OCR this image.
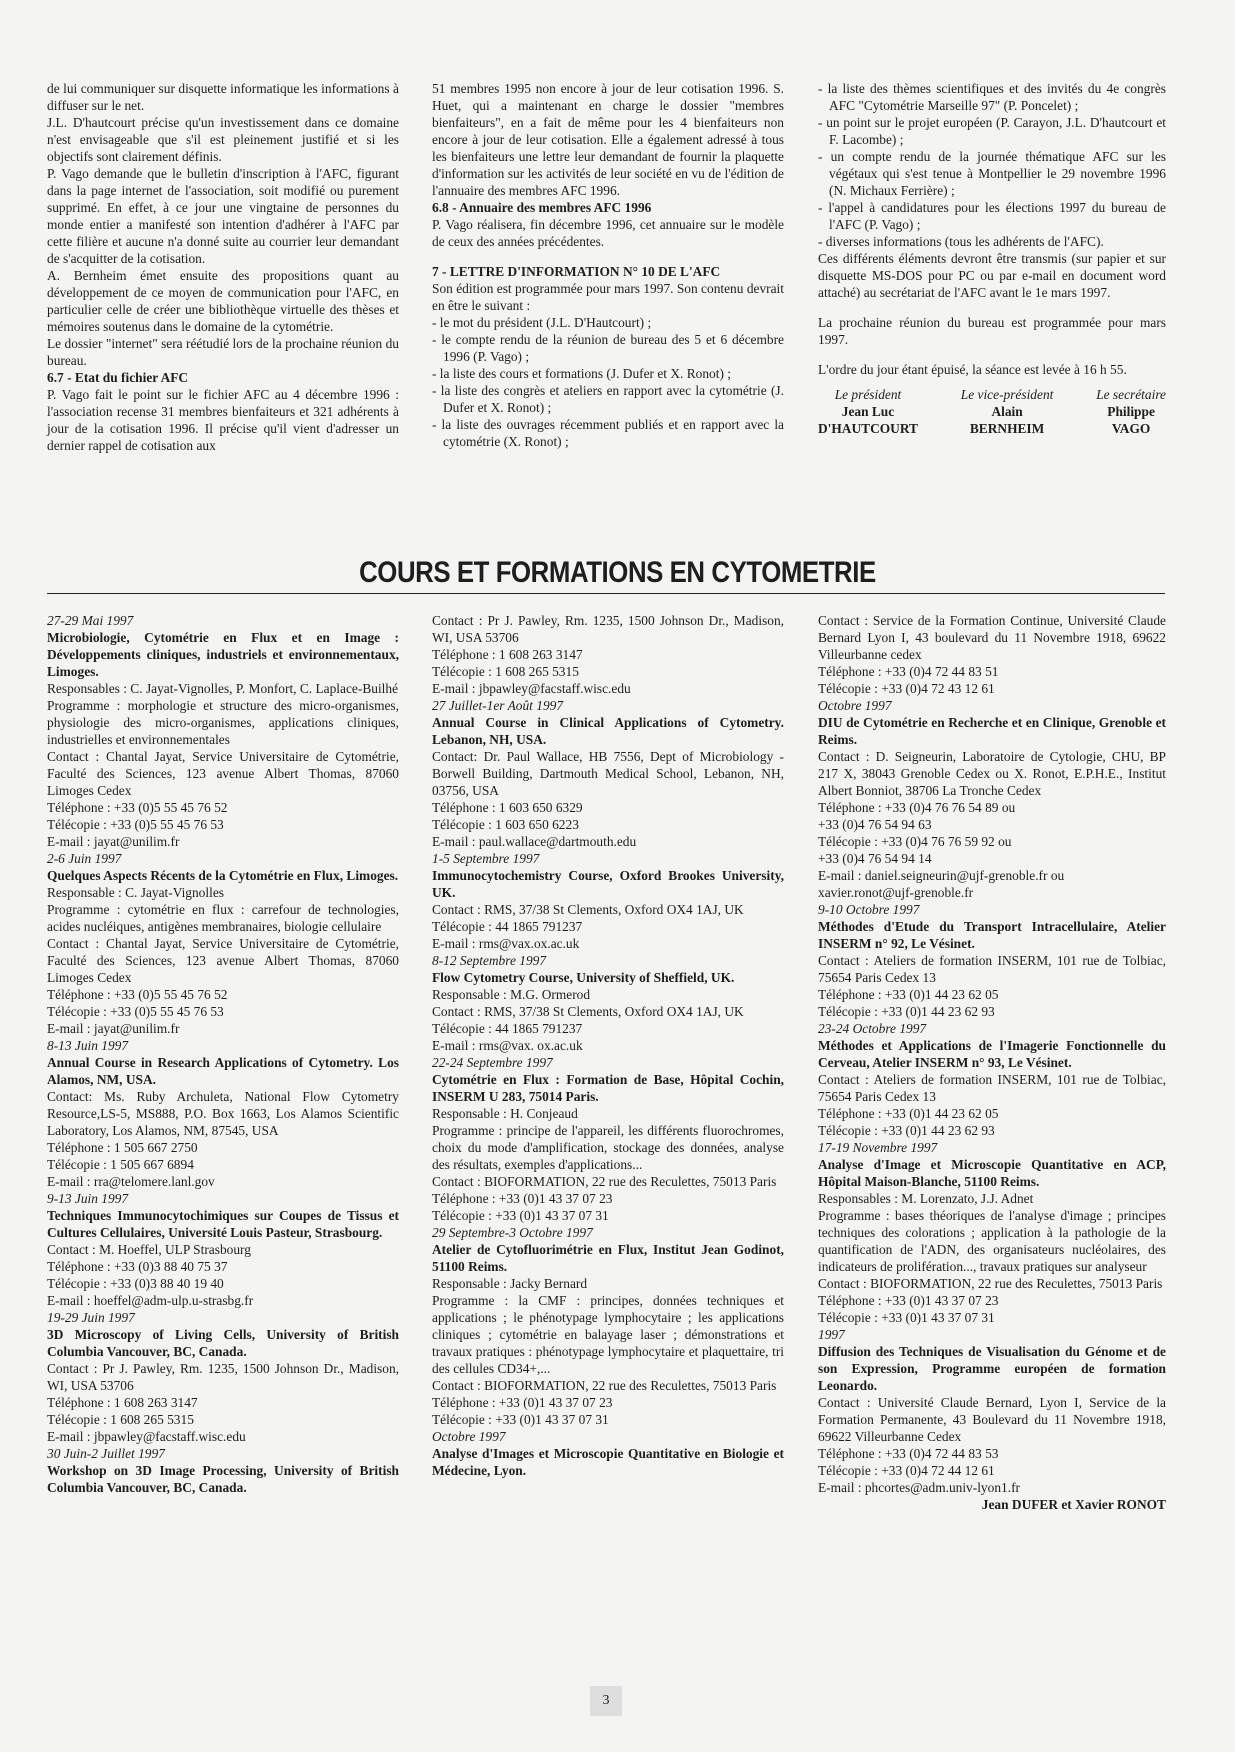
de lui communiquer sur disquette informatique les informations à diffuser sur le net.

J.L. D'hautcourt précise qu'un investissement dans ce domaine n'est envisageable que s'il est pleinement justifié et si les objectifs sont clairement définis.

P. Vago demande que le bulletin d'inscription à l'AFC, figurant dans la page internet de l'association, soit modifié ou purement supprimé. En effet, à ce jour une vingtaine de personnes du monde entier a manifesté son intention d'adhérer à l'AFC par cette filière et aucune n'a donné suite au courrier leur demandant de s'acquitter de la cotisation.

A. Bernheim émet ensuite des propositions quant au développement de ce moyen de communication pour l'AFC, en particulier celle de créer une bibliothèque virtuelle des thèses et mémoires soutenus dans le domaine de la cytométrie.

Le dossier "internet" sera réétudié lors de la prochaine réunion du bureau.

6.7 - Etat du fichier AFC

P. Vago fait le point sur le fichier AFC au 4 décembre 1996 : l'association recense 31 membres bienfaiteurs et 321 adhérents à jour de la cotisation 1996. Il précise qu'il vient d'adresser un dernier rappel de cotisation aux

51 membres 1995 non encore à jour de leur cotisation 1996. S. Huet, qui a maintenant en charge le dossier "membres bienfaiteurs", en a fait de même pour les 4 bienfaiteurs non encore à jour de leur cotisation. Elle a également adressé à tous les bienfaiteurs une lettre leur demandant de fournir la plaquette d'information sur les activités de leur société en vu de l'édition de l'annuaire des membres AFC 1996.

6.8 - Annuaire des membres AFC 1996

P. Vago réalisera, fin décembre 1996, cet annuaire sur le modèle de ceux des années précédentes.

7 - LETTRE D'INFORMATION N° 10 DE L'AFC

Son édition est programmée pour mars 1997. Son contenu devrait en être le suivant :

- le mot du président (J.L. D'Hautcourt) ;

- le compte rendu de la réunion de bureau des 5 et 6 décembre 1996 (P. Vago) ;

- la liste des cours et formations (J. Dufer et X. Ronot) ;

- la liste des congrès et ateliers en rapport avec la cytométrie (J. Dufer et X. Ronot) ;

- la liste des ouvrages récemment publiés et en rapport avec la cytométrie (X. Ronot) ;

- la liste des thèmes scientifiques et des invités du 4e congrès AFC "Cytométrie Marseille 97" (P. Poncelet) ;

- un point sur le projet européen (P. Carayon, J.L. D'hautcourt et F. Lacombe) ;

- un compte rendu de la journée thématique AFC sur les végétaux qui s'est tenue à Montpellier le 29 novembre 1996 (N. Michaux Ferrière) ;

- l'appel à candidatures pour les élections 1997 du bureau de l'AFC (P. Vago) ;

- diverses informations (tous les adhérents de l'AFC).

Ces différents éléments devront être transmis (sur papier et sur disquette MS-DOS pour PC ou par e-mail en document word attaché) au secrétariat de l'AFC avant le 1e mars 1997.

La prochaine réunion du bureau est programmée pour mars 1997.

L'ordre du jour étant épuisé, la séance est levée à 16 h 55.

Le président

Jean Luc

D'HAUTCOURT

Le vice-président

Alain

BERNHEIM

Le secrétaire

Philippe

VAGO

COURS ET FORMATIONS EN CYTOMETRIE

27-29 Mai 1997

Microbiologie, Cytométrie en Flux et en Image : Développements cliniques, industriels et environnementaux, Limoges.

Responsables : C. Jayat-Vignolles, P. Monfort, C. Laplace-Builhé

Programme : morphologie et structure des micro-organismes, physiologie des micro-organismes, applications cliniques, industrielles et environnementales

Contact : Chantal Jayat, Service Universitaire de Cytométrie, Faculté des Sciences, 123 avenue Albert Thomas, 87060 Limoges Cedex

Téléphone : +33 (0)5 55 45 76 52

Télécopie : +33 (0)5 55 45 76 53

E-mail : jayat@unilim.fr

2-6 Juin 1997

Quelques Aspects Récents de la Cytométrie en Flux, Limoges.

Responsable : C. Jayat-Vignolles

Programme : cytométrie en flux : carrefour de technologies, acides nucléiques, antigènes membranaires, biologie cellulaire

Contact : Chantal Jayat, Service Universitaire de Cytométrie, Faculté des Sciences, 123 avenue Albert Thomas, 87060 Limoges Cedex

Téléphone : +33 (0)5 55 45 76 52

Télécopie : +33 (0)5 55 45 76 53

E-mail : jayat@unilim.fr

8-13 Juin 1997

Annual Course in Research Applications of Cytometry. Los Alamos, NM, USA.

Contact: Ms. Ruby Archuleta, National Flow Cytometry Resource,LS-5, MS888, P.O. Box 1663, Los Alamos Scientific Laboratory, Los Alamos, NM, 87545, USA

Téléphone : 1 505 667 2750

Télécopie : 1 505 667 6894

E-mail : rra@telomere.lanl.gov

9-13 Juin 1997

Techniques Immunocytochimiques sur Coupes de Tissus et Cultures Cellulaires, Université Louis Pasteur, Strasbourg.

Contact : M. Hoeffel, ULP Strasbourg

Téléphone : +33 (0)3 88 40 75 37

Télécopie : +33 (0)3 88 40 19 40

E-mail : hoeffel@adm-ulp.u-strasbg.fr

19-29 Juin 1997

3D Microscopy of Living Cells, University of British Columbia Vancouver, BC, Canada.

Contact : Pr J. Pawley, Rm. 1235, 1500 Johnson Dr., Madison, WI, USA 53706

Téléphone : 1 608 263 3147

Télécopie : 1 608 265 5315

E-mail : jbpawley@facstaff.wisc.edu

30 Juin-2 Juillet 1997

Workshop on 3D Image Processing, University of British Columbia Vancouver, BC, Canada.

Contact : Pr J. Pawley, Rm. 1235, 1500 Johnson Dr., Madison, WI, USA 53706

Téléphone : 1 608 263 3147

Télécopie : 1 608 265 5315

E-mail : jbpawley@facstaff.wisc.edu

27 Juillet-1er Août 1997

Annual Course in Clinical Applications of Cytometry. Lebanon, NH, USA.

Contact: Dr. Paul Wallace, HB 7556, Dept of Microbiology - Borwell Building, Dartmouth Medical School, Lebanon, NH, 03756, USA

Téléphone : 1 603 650 6329

Télécopie : 1 603 650 6223

E-mail : paul.wallace@dartmouth.edu

1-5 Septembre 1997

Immunocytochemistry Course, Oxford Brookes University, UK.

Contact : RMS, 37/38 St Clements, Oxford OX4 1AJ, UK

Télécopie : 44 1865 791237

E-mail : rms@vax.ox.ac.uk

8-12 Septembre 1997

Flow Cytometry Course, University of Sheffield, UK.

Responsable : M.G. Ormerod

Contact : RMS, 37/38 St Clements, Oxford OX4 1AJ, UK

Télécopie : 44 1865 791237

E-mail : rms@vax. ox.ac.uk

22-24 Septembre 1997

Cytométrie en Flux : Formation de Base, Hôpital Cochin, INSERM U 283, 75014 Paris.

Responsable : H. Conjeaud

Programme : principe de l'appareil, les différents fluorochromes, choix du mode d'amplification, stockage des données, analyse des résultats, exemples d'applications...

Contact : BIOFORMATION, 22 rue des Reculettes, 75013 Paris

Téléphone : +33 (0)1 43 37 07 23

Télécopie : +33 (0)1 43 37 07 31

29 Septembre-3 Octobre 1997

Atelier de Cytofluorimétrie en Flux, Institut Jean Godinot, 51100 Reims.

Responsable : Jacky Bernard

Programme : la CMF : principes, données techniques et applications ; le phénotypage lymphocytaire ; les applications cliniques ; cytométrie en balayage laser ; démonstrations et travaux pratiques : phénotypage lymphocytaire et plaquettaire, tri des cellules CD34+,...

Contact : BIOFORMATION, 22 rue des Reculettes, 75013 Paris

Téléphone : +33 (0)1 43 37 07 23

Télécopie : +33 (0)1 43 37 07 31

Octobre 1997

Analyse d'Images et Microscopie Quantitative en Biologie et Médecine, Lyon.

Contact : Service de la Formation Continue, Université Claude Bernard Lyon I, 43 boulevard du 11 Novembre 1918, 69622 Villeurbanne cedex

Téléphone : +33 (0)4 72 44 83 51

Télécopie : +33 (0)4 72 43 12 61

Octobre 1997

DIU de Cytométrie en Recherche et en Clinique, Grenoble et Reims.

Contact : D. Seigneurin, Laboratoire de Cytologie, CHU, BP 217 X, 38043 Grenoble Cedex ou X. Ronot, E.P.H.E., Institut Albert Bonniot, 38706 La Tronche Cedex

Téléphone : +33 (0)4 76 76 54 89 ou

+33 (0)4 76 54 94 63

Télécopie : +33 (0)4 76 76 59 92 ou

+33 (0)4 76 54 94 14

E-mail : daniel.seigneurin@ujf-grenoble.fr ou

xavier.ronot@ujf-grenoble.fr

9-10 Octobre 1997

Méthodes d'Etude du Transport Intracellulaire, Atelier INSERM n° 92, Le Vésinet.

Contact : Ateliers de formation INSERM, 101 rue de Tolbiac, 75654 Paris Cedex 13

Téléphone : +33 (0)1 44 23 62 05

Télécopie : +33 (0)1 44 23 62 93

23-24 Octobre 1997

Méthodes et Applications de l'Imagerie Fonctionnelle du Cerveau, Atelier INSERM n° 93, Le Vésinet.

Contact : Ateliers de formation INSERM, 101 rue de Tolbiac, 75654 Paris Cedex 13

Téléphone : +33 (0)1 44 23 62 05

Télécopie : +33 (0)1 44 23 62 93

17-19 Novembre 1997

Analyse d'Image et Microscopie Quantitative en ACP, Hôpital Maison-Blanche, 51100 Reims.

Responsables : M. Lorenzato, J.J. Adnet

Programme : bases théoriques de l'analyse d'image ; principes techniques des colorations ; application à la pathologie de la quantification de l'ADN, des organisateurs nucléolaires, des indicateurs de prolifération..., travaux pratiques sur analyseur

Contact : BIOFORMATION, 22 rue des Reculettes, 75013 Paris

Téléphone : +33 (0)1 43 37 07 23

Télécopie : +33 (0)1 43 37 07 31

1997

Diffusion des Techniques de Visualisation du Génome et de son Expression, Programme européen de formation Leonardo.

Contact : Université Claude Bernard, Lyon I, Service de la Formation Permanente, 43 Boulevard du 11 Novembre 1918, 69622 Villeurbanne Cedex

Téléphone : +33 (0)4 72 44 83 53

Télécopie : +33 (0)4 72 44 12 61

E-mail : phcortes@adm.univ-lyon1.fr

Jean DUFER et Xavier RONOT

3
